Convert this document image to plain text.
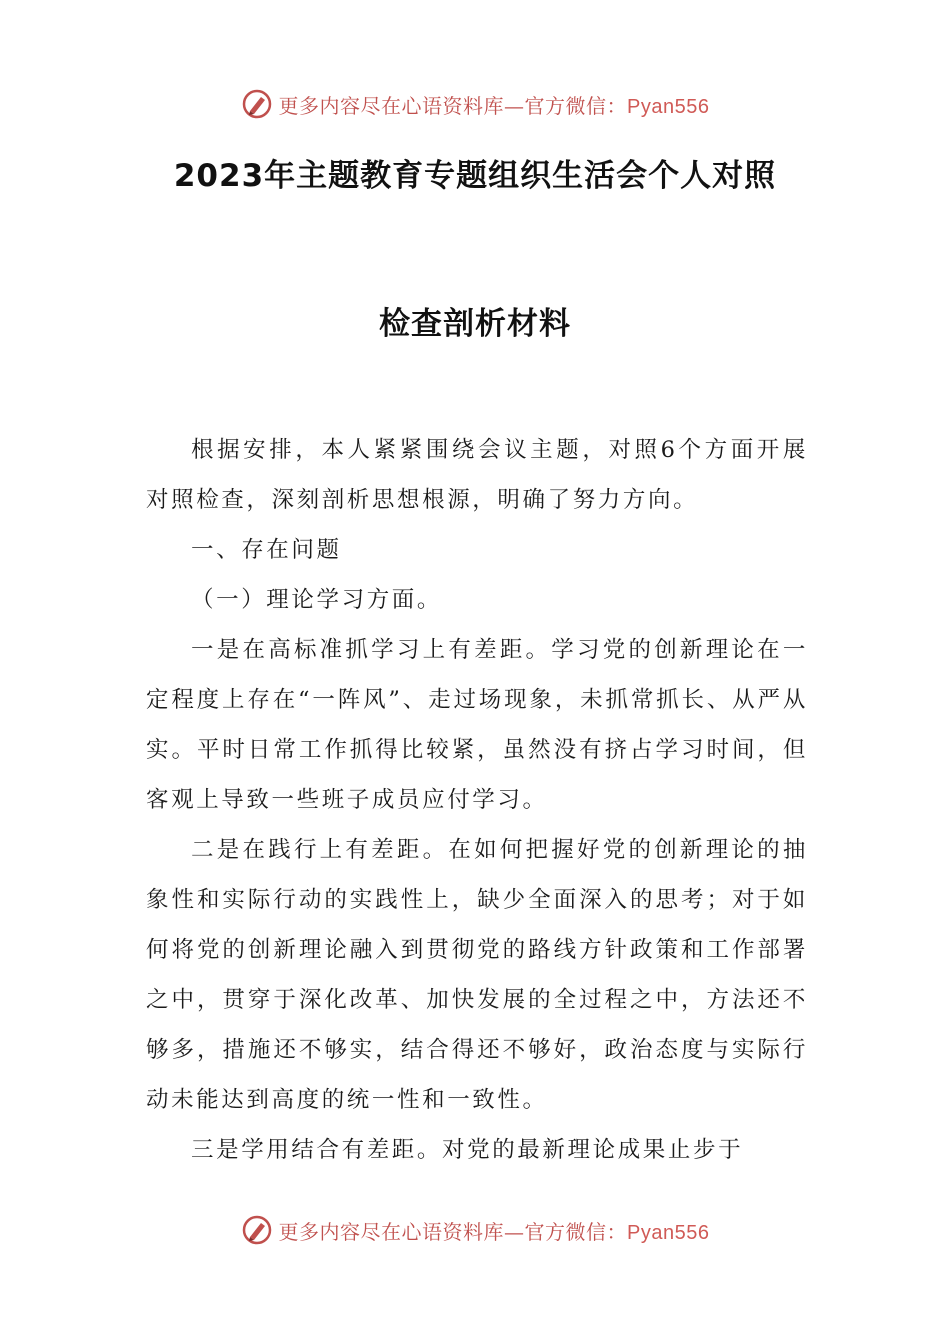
更多内容尽在心语资料库—官方微信：Pyan556
2023年主题教育专题组织生活会个人对照
检查剖析材料

根据安排，本人紧紧围绕会议主题，对照6个方面开展对照检查，深刻剖析思想根源，明确了努力方向。

一、存在问题

（一）理论学习方面。

一是在高标准抓学习上有差距。学习党的创新理论在一定程度上存在“一阵风”、走过场现象，未抓常抓长、从严从实。平时日常工作抓得比较紧，虽然没有挤占学习时间，但客观上导致一些班子成员应付学习。

二是在践行上有差距。在如何把握好党的创新理论的抽象性和实际行动的实践性上，缺少全面深入的思考；对于如何将党的创新理论融入到贯彻党的路线方针政策和工作部署之中，贯穿于深化改革、加快发展的全过程之中，方法还不够多，措施还不够实，结合得还不够好，政治态度与实际行动未能达到高度的统一性和一致性。

三是学用结合有差距。对党的最新理论成果止步于

更多内容尽在心语资料库—官方微信：Pyan556
